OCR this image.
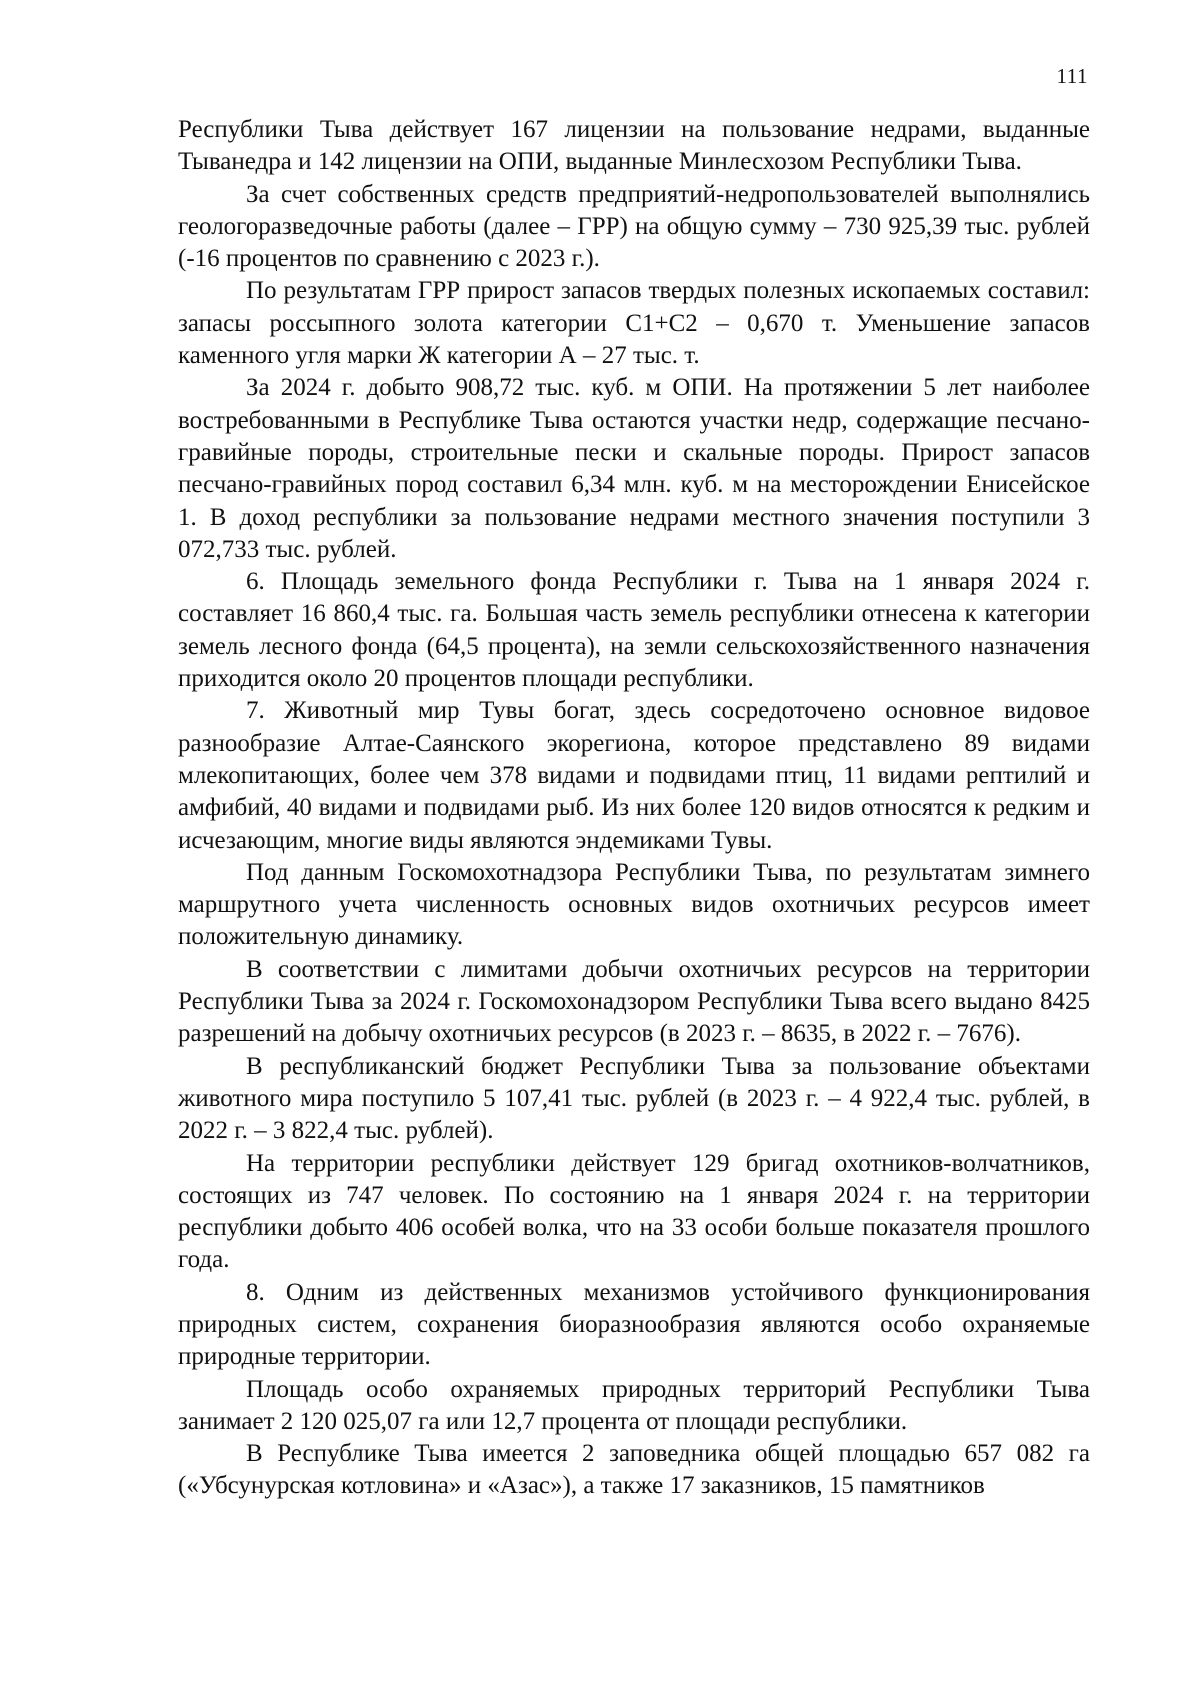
111

Республики Тыва действует 167 лицензии на пользование недрами, выданные Тыванедра и 142 лицензии на ОПИ, выданные Минлесхозом Республики Тыва.

За счет собственных средств предприятий-недропользователей выполнялись геологоразведочные работы (далее – ГРР) на общую сумму – 730 925,39 тыс. рублей (-16 процентов по сравнению с 2023 г.).

По результатам ГРР прирост запасов твердых полезных ископаемых составил: запасы россыпного золота категории С1+С2 – 0,670 т. Уменьшение запасов каменного угля марки Ж категории А – 27 тыс. т.

За 2024 г. добыто 908,72 тыс. куб. м ОПИ. На протяжении 5 лет наиболее востребованными в Республике Тыва остаются участки недр, содержащие песчано-гравийные породы, строительные пески и скальные породы. Прирост запасов песчано-гравийных пород составил 6,34 млн. куб. м на месторождении Енисейское 1. В доход республики за пользование недрами местного значения поступили 3 072,733 тыс. рублей.

6. Площадь земельного фонда Республики г. Тыва на 1 января 2024 г. составляет 16 860,4 тыс. га. Большая часть земель республики отнесена к категории земель лесного фонда (64,5 процента), на земли сельскохозяйственного назначения приходится около 20 процентов площади республики.

7. Животный мир Тувы богат, здесь сосредоточено основное видовое разнообразие Алтае-Саянского экорегиона, которое представлено 89 видами млекопитающих, более чем 378 видами и подвидами птиц, 11 видами рептилий и амфибий, 40 видами и подвидами рыб. Из них более 120 видов относятся к редким и исчезающим, многие виды являются эндемиками Тувы.

Под данным Госкомохотнадзора Республики Тыва, по результатам зимнего маршрутного учета численность основных видов охотничьих ресурсов имеет положительную динамику.

В соответствии с лимитами добычи охотничьих ресурсов на территории Республики Тыва за 2024 г. Госкомохонадзором Республики Тыва всего выдано 8425 разрешений на добычу охотничьих ресурсов (в 2023 г. – 8635, в 2022 г. – 7676).

В республиканский бюджет Республики Тыва за пользование объектами животного мира поступило 5 107,41 тыс. рублей (в 2023 г. – 4 922,4 тыс. рублей, в 2022 г. – 3 822,4 тыс. рублей).

На территории республики действует 129 бригад охотников-волчатников, состоящих из 747 человек. По состоянию на 1 января 2024 г. на территории республики добыто 406 особей волка, что на 33 особи больше показателя прошлого года.

8. Одним из действенных механизмов устойчивого функционирования природных систем, сохранения биоразнообразия являются особо охраняемые природные территории.

Площадь особо охраняемых природных территорий Республики Тыва занимает 2 120 025,07 га или 12,7 процента от площади республики.

В Республике Тыва имеется 2 заповедника общей площадью 657 082 га («Убсунурская котловина» и «Азас»), а также 17 заказников, 15 памятников
